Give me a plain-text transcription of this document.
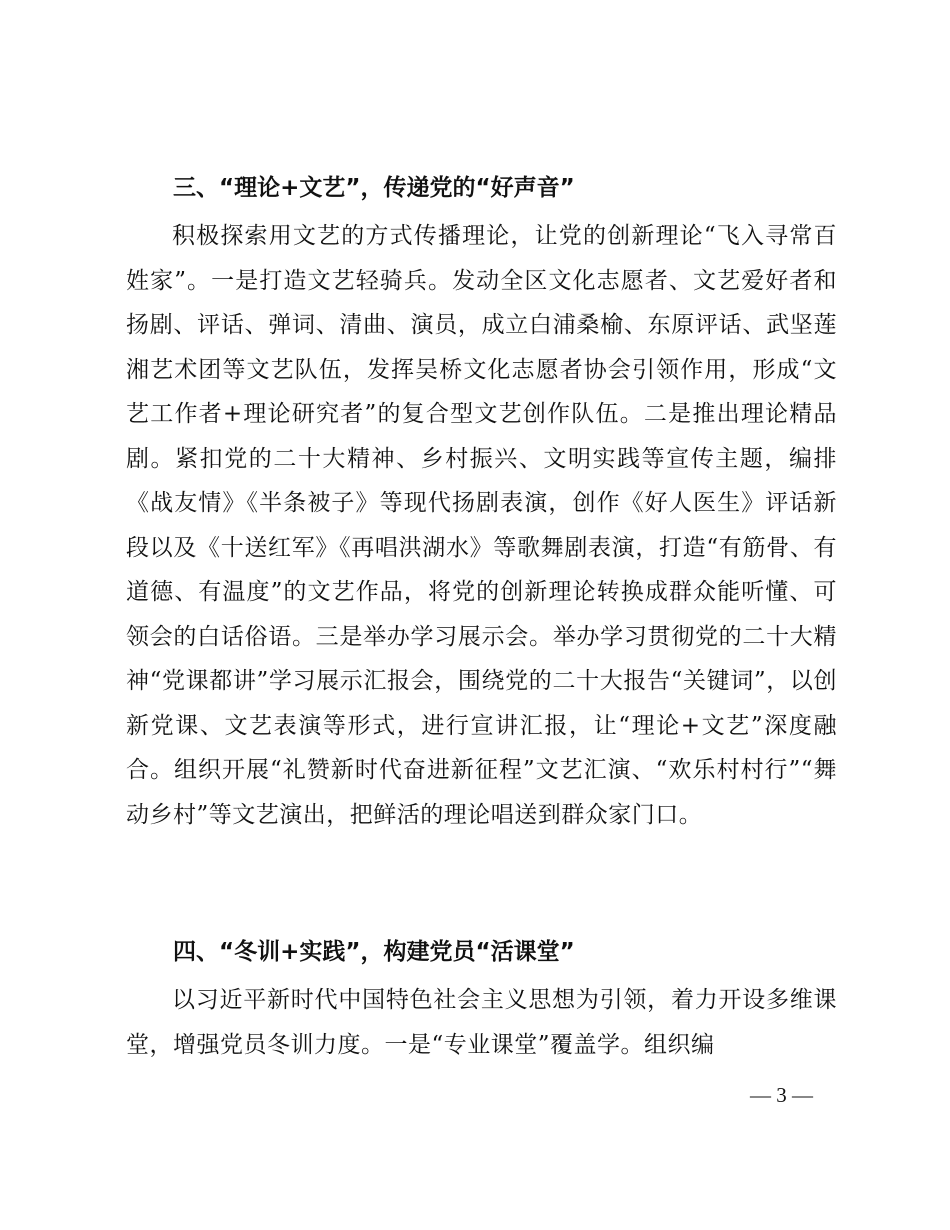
三、“理论+文艺”，传递党的“好声音”

积极探索用文艺的方式传播理论，让党的创新理论“飞入寻常百姓家”。一是打造文艺轻骑兵。发动全区文化志愿者、文艺爱好者和扬剧、评话、弹词、清曲、演员，成立白浦桑榆、东原评话、武坚莲湘艺术团等文艺队伍，发挥吴桥文化志愿者协会引领作用，形成“文艺工作者+理论研究者”的复合型文艺创作队伍。二是推出理论精品剧。紧扣党的二十大精神、乡村振兴、文明实践等宣传主题，编排《战友情》《半条被子》等现代扬剧表演，创作《好人医生》评话新段以及《十送红军》《再唱洪湖水》等歌舞剧表演，打造“有筋骨、有道德、有温度”的文艺作品，将党的创新理论转换成群众能听懂、可领会的白话俗语。三是举办学习展示会。举办学习贯彻党的二十大精神“党课都讲”学习展示汇报会，围绕党的二十大报告“关键词”，以创新党课、文艺表演等形式，进行宣讲汇报，让“理论+文艺”深度融合。组织开展“礼赞新时代奋进新征程”文艺汇演、“欢乐村村行”“舞动乡村”等文艺演出，把鲜活的理论唱送到群众家门口。

四、“冬训+实践”，构建党员“活课堂”

以习近平新时代中国特色社会主义思想为引领，着力开设多维课堂，增强党员冬训力度。一是“专业课堂”覆盖学。组织编

— 3 —
